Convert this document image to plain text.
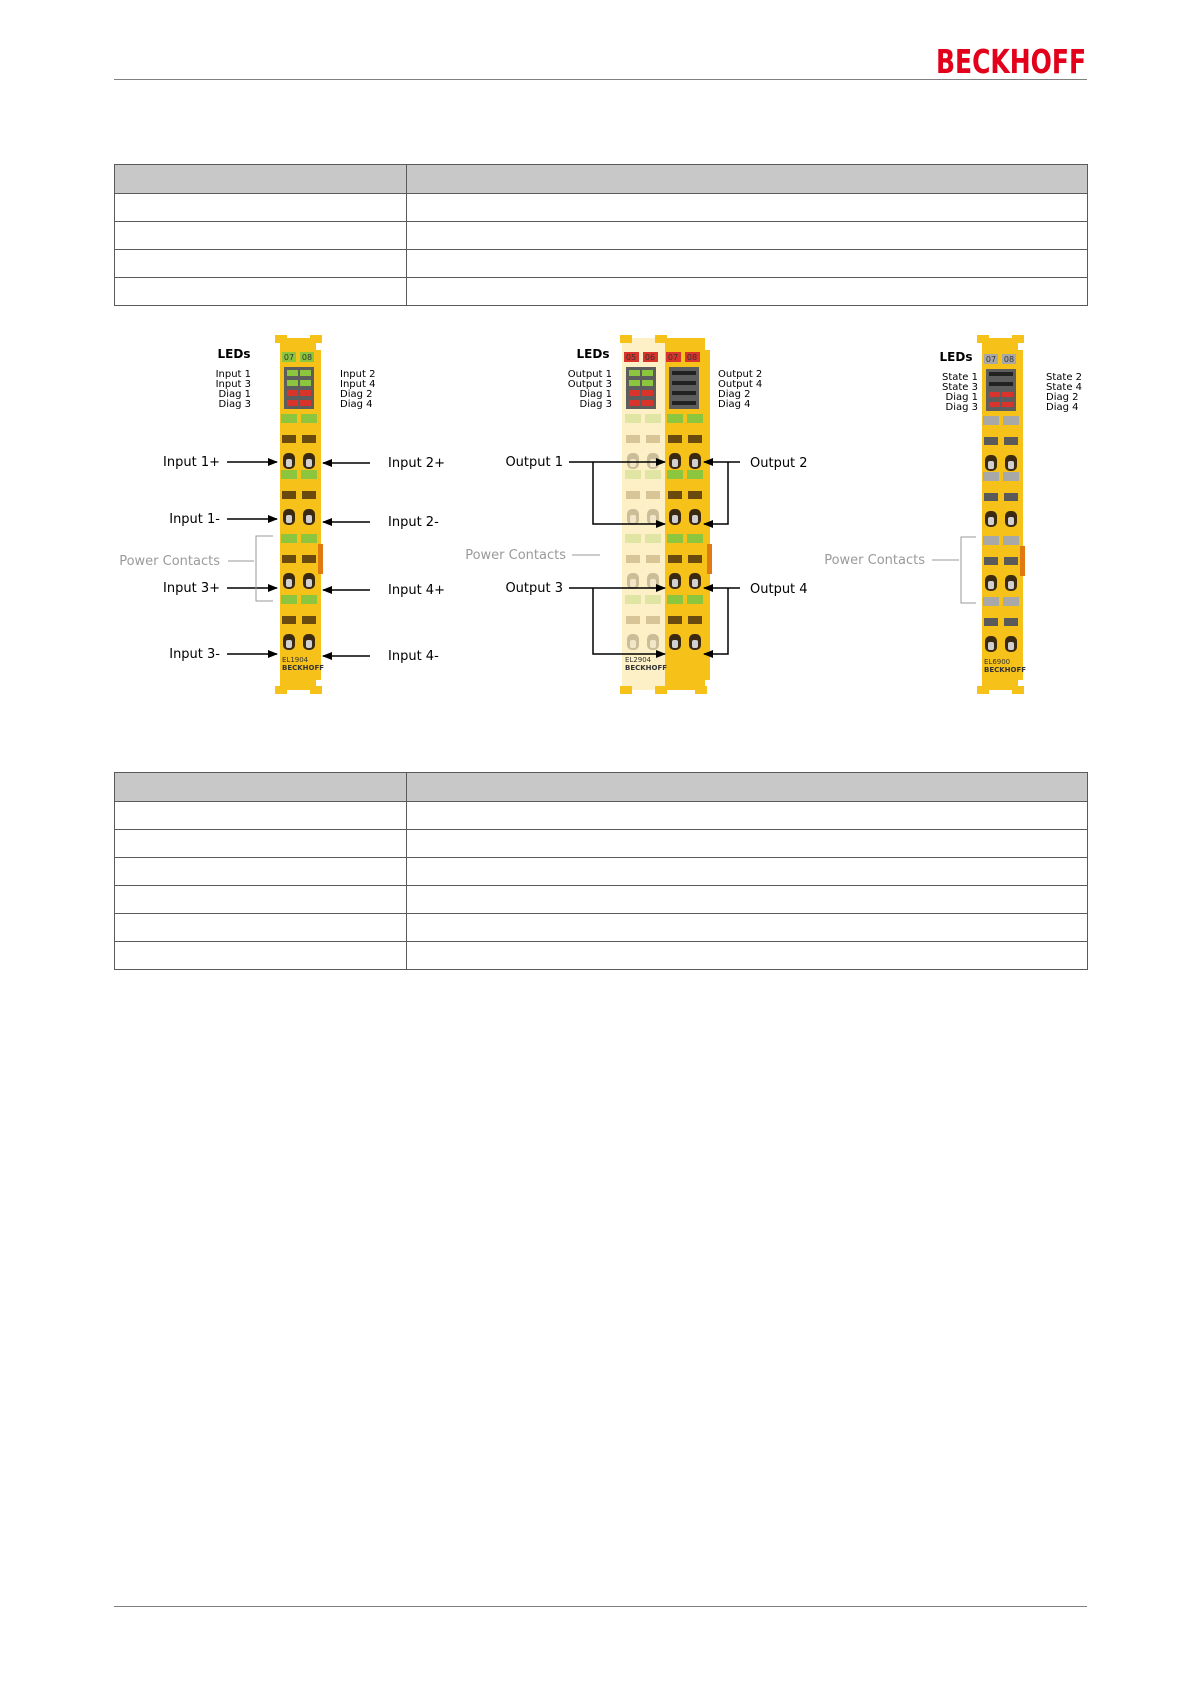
BECKHOFF

07 08
EL1904
BECKHOFF
LEDs
Input 1
Input 3
Diag 1
Diag 3
Input 2
Input 4
Diag 2
Diag 4
Input 1+
Input 1-
Input 3+
Input 3-
Input 2+
Input 2-
Input 4+
Input 4-
Power Contacts
05 06 07 08
EL2904
BECKHOFF
LEDs
Output 1
Output 3
Diag 1
Diag 3
Output 2
Output 4
Diag 2
Diag 4
Output 1
Output 3
Output 2
Output 4
Power Contacts
07 08
EL6900
BECKHOFF
LEDs
State 1
State 3
Diag 1
Diag 3
State 2
State 4
Diag 2
Diag 4
Power Contacts
